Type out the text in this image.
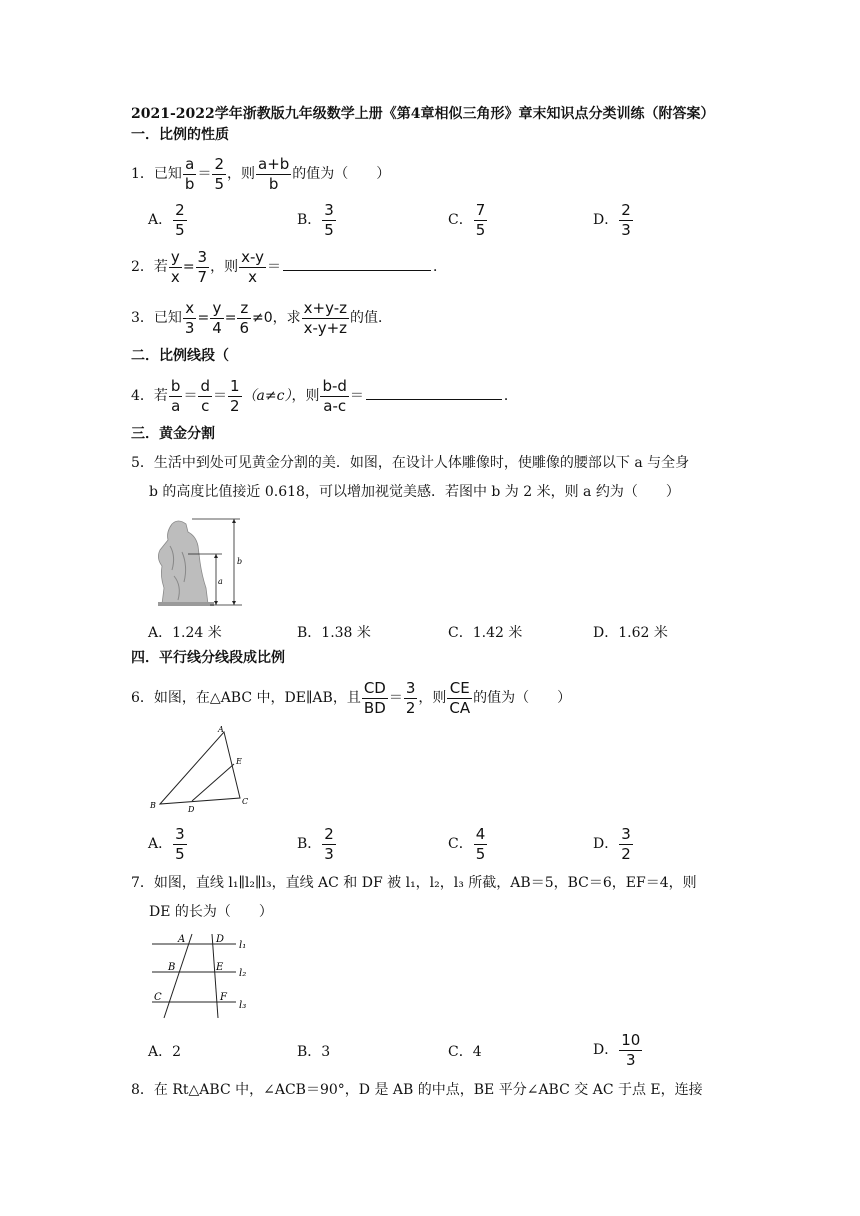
2021-2022学年浙教版九年级数学上册《第4章相似三角形》章末知识点分类训练（附答案）
一．比例的性质
1．已知 $\frac{a}{b} = \frac{2}{5}$ ，则 $\frac{a+b}{b}$ 的值为（　　）
A． $\frac{2}{5}$	B． $\frac{3}{5}$	C． $\frac{7}{5}$	D． $\frac{2}{3}$
2．若 $\frac{y}{x} = \frac{3}{7}$ ，则 $\frac{x-y}{x}$ ＝	．
3．已知 $\frac{x}{3} = \frac{y}{4} = \frac{z}{6} \ne 0$，求 $\frac{x+y-z}{x-y+z}$ 的值．
二．比例线段（
4．若 $\frac{b}{a} = \frac{d}{c} = \frac{1}{2} (a\ne c)$，则 $\frac{b-d}{a-c}$ ＝	．
三．黄金分割
5．生活中到处可见黄金分割的美．如图，在设计人体雕像时，使雕像的腰部以下 a 与全身
b 的高度比值接近 0.618，可以增加视觉美感．若图中 b 为 2 米，则 a 约为（　　）
b
a
A．1.24 米	B．1.38 米	C．1.42 米	D．1.62 米
四．平行线分线段成比例
6．如图，在△ABC 中，DE∥AB，且 $\frac{CD}{BD} = \frac{3}{2}$ ，则 $\frac{CE}{CA}$ 的值为（　　）
A
B	C
D
E
A． $\frac{3}{5}$	B． $\frac{2}{3}$	C． $\frac{4}{5}$	D． $\frac{3}{2}$
7．如图，直线 l₁∥l₂∥l₃，直线 AC 和 DF 被 l₁，l₂，l₃ 所截，AB＝5，BC＝6，EF＝4，则
DE 的长为（　　）
A	D
B	E
C	F
l₁
l₂
l₃
A．2	B．3	C．4	D． $\frac{10}{3}$
8．在 Rt△ABC 中，∠ACB＝90°，D 是 AB 的中点，BE 平分∠ABC 交 AC 于点 E，连接
